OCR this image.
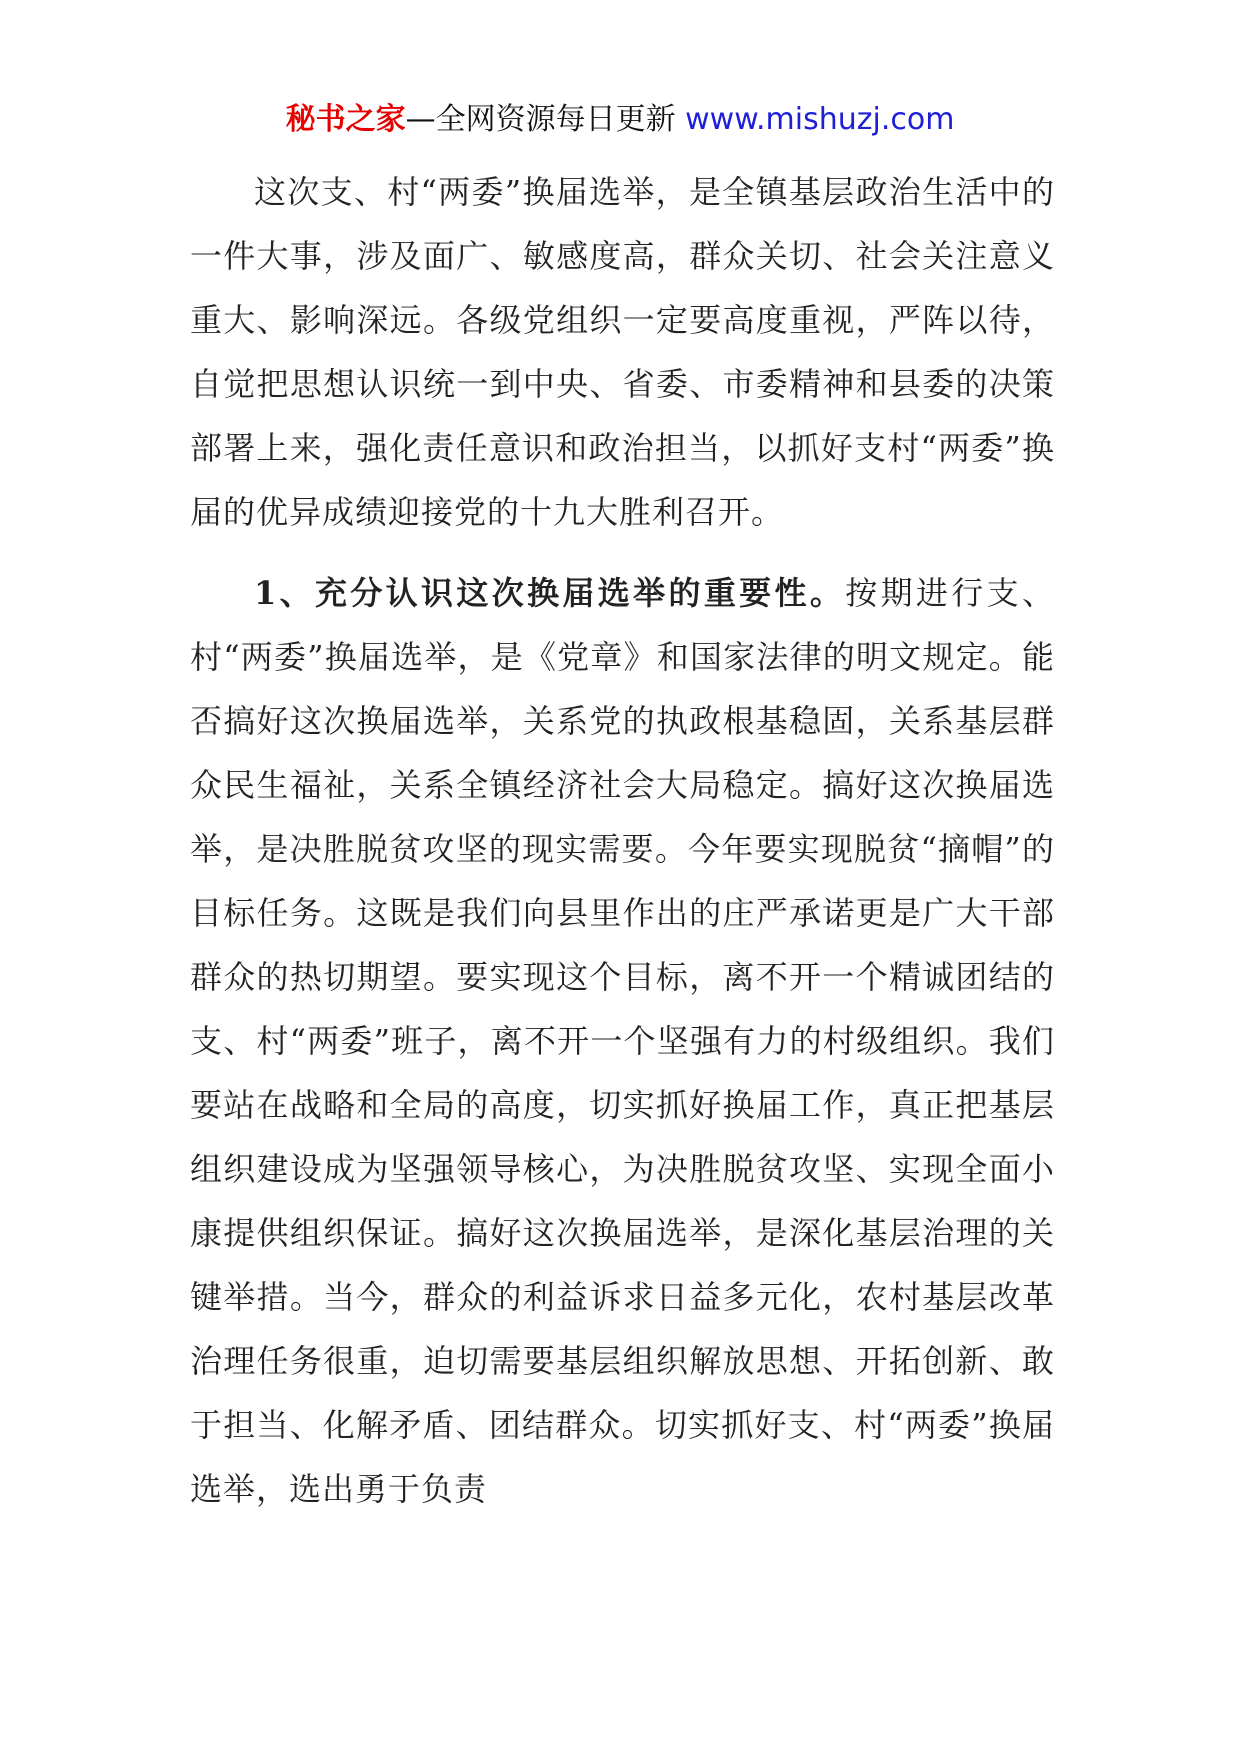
秘书之家—全网资源每日更新 www.mishuzj.com

这次支、村“两委”换届选举，是全镇基层政治生活中的一件大事，涉及面广、敏感度高，群众关切、社会关注意义重大、影响深远。各级党组织一定要高度重视，严阵以待，自觉把思想认识统一到中央、省委、市委精神和县委的决策部署上来，强化责任意识和政治担当，以抓好支村“两委”换届的优异成绩迎接党的十九大胜利召开。

1、充分认识这次换届选举的重要性。按期进行支、村“两委”换届选举，是《党章》和国家法律的明文规定。能否搞好这次换届选举，关系党的执政根基稳固，关系基层群众民生福祉，关系全镇经济社会大局稳定。搞好这次换届选举，是决胜脱贫攻坚的现实需要。今年要实现脱贫“摘帽”的目标任务。这既是我们向县里作出的庄严承诺更是广大干部群众的热切期望。要实现这个目标，离不开一个精诚团结的支、村“两委”班子，离不开一个坚强有力的村级组织。我们要站在战略和全局的高度，切实抓好换届工作，真正把基层组织建设成为坚强领导核心，为决胜脱贫攻坚、实现全面小康提供组织保证。搞好这次换届选举，是深化基层治理的关键举措。当今，群众的利益诉求日益多元化，农村基层改革治理任务很重，迫切需要基层组织解放思想、开拓创新、敢于担当、化解矛盾、团结群众。切实抓好支、村“两委”换届选举，选出勇于负责
